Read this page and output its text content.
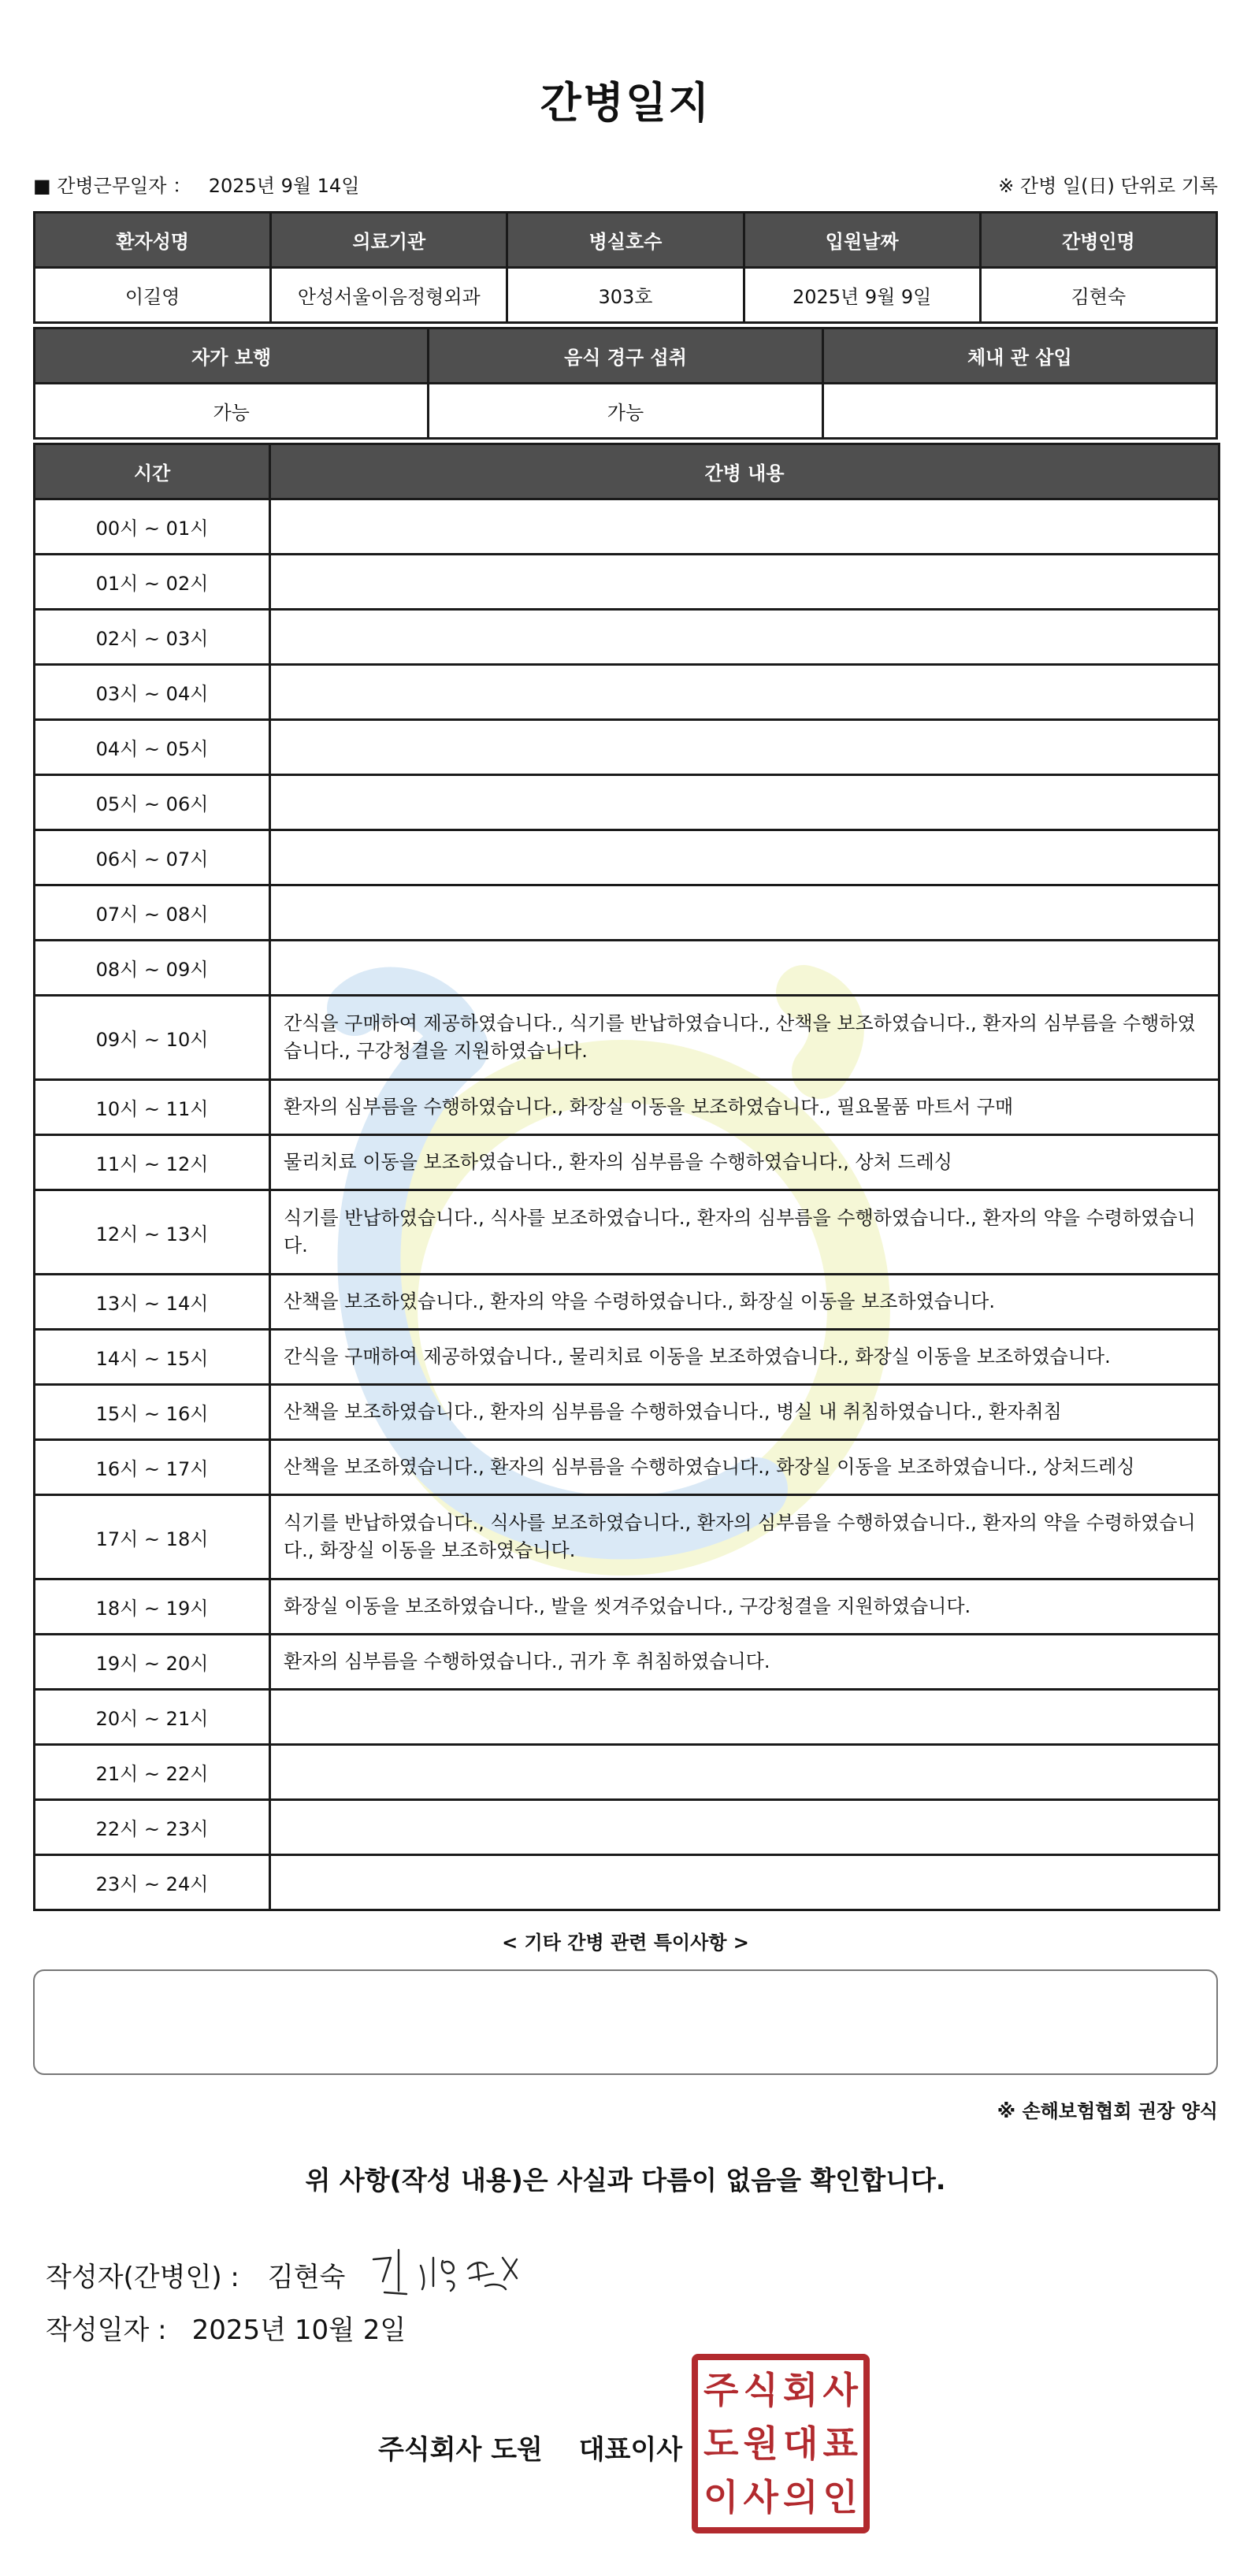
간병일지
■ 간병근무일자 ： 2025년 9월 14일	※ 간병 일(日) 단위로 기록
환자성명	의료기관	병실호수	입원날짜	간병인명
이길영	안성서울이음정형외과	303호	2025년 9월 9일	김현숙
자가 보행	음식 경구 섭취	체내 관 삽입
가능	가능	
시간	간병 내용
00시 ~ 01시	
01시 ~ 02시	
02시 ~ 03시	
03시 ~ 04시	
04시 ~ 05시	
05시 ~ 06시	
06시 ~ 07시	
07시 ~ 08시	
08시 ~ 09시	
09시 ~ 10시	간식을 구매하여 제공하였습니다., 식기를 반납하였습니다., 산책을 보조하였습니다., 환자의 심부름을 수행하였습니다., 구강청결을 지원하였습니다.
10시 ~ 11시	환자의 심부름을 수행하였습니다., 화장실 이동을 보조하였습니다., 필요물품 마트서 구매
11시 ~ 12시	물리치료 이동을 보조하였습니다., 환자의 심부름을 수행하였습니다., 상처 드레싱
12시 ~ 13시	식기를 반납하였습니다., 식사를 보조하였습니다., 환자의 심부름을 수행하였습니다., 환자의 약을 수령하였습니다.
13시 ~ 14시	산책을 보조하였습니다., 환자의 약을 수령하였습니다., 화장실 이동을 보조하였습니다.
14시 ~ 15시	간식을 구매하여 제공하였습니다., 물리치료 이동을 보조하였습니다., 화장실 이동을 보조하였습니다.
15시 ~ 16시	산책을 보조하였습니다., 환자의 심부름을 수행하였습니다., 병실 내 취침하였습니다., 환자취침
16시 ~ 17시	산책을 보조하였습니다., 환자의 심부름을 수행하였습니다., 화장실 이동을 보조하였습니다., 상처드레싱
17시 ~ 18시	식기를 반납하였습니다., 식사를 보조하였습니다., 환자의 심부름을 수행하였습니다., 환자의 약을 수령하였습니다., 화장실 이동을 보조하였습니다.
18시 ~ 19시	화장실 이동을 보조하였습니다., 발을 씻겨주었습니다., 구강청결을 지원하였습니다.
19시 ~ 20시	환자의 심부름을 수행하였습니다., 귀가 후 취침하였습니다.
20시 ~ 21시	
21시 ~ 22시	
22시 ~ 23시	
23시 ~ 24시	
< 기타 간병 관련 특이사항 >
※ 손해보험협회 권장 양식
위 사항(작성 내용)은 사실과 다름이 없음을 확인합니다.
작성자(간병인) : 김현숙
작성일자 : 2025년 10월 2일
주식회사 도원 대표이사
주 식 회 사
도 원 대 표
이 사 의 인
